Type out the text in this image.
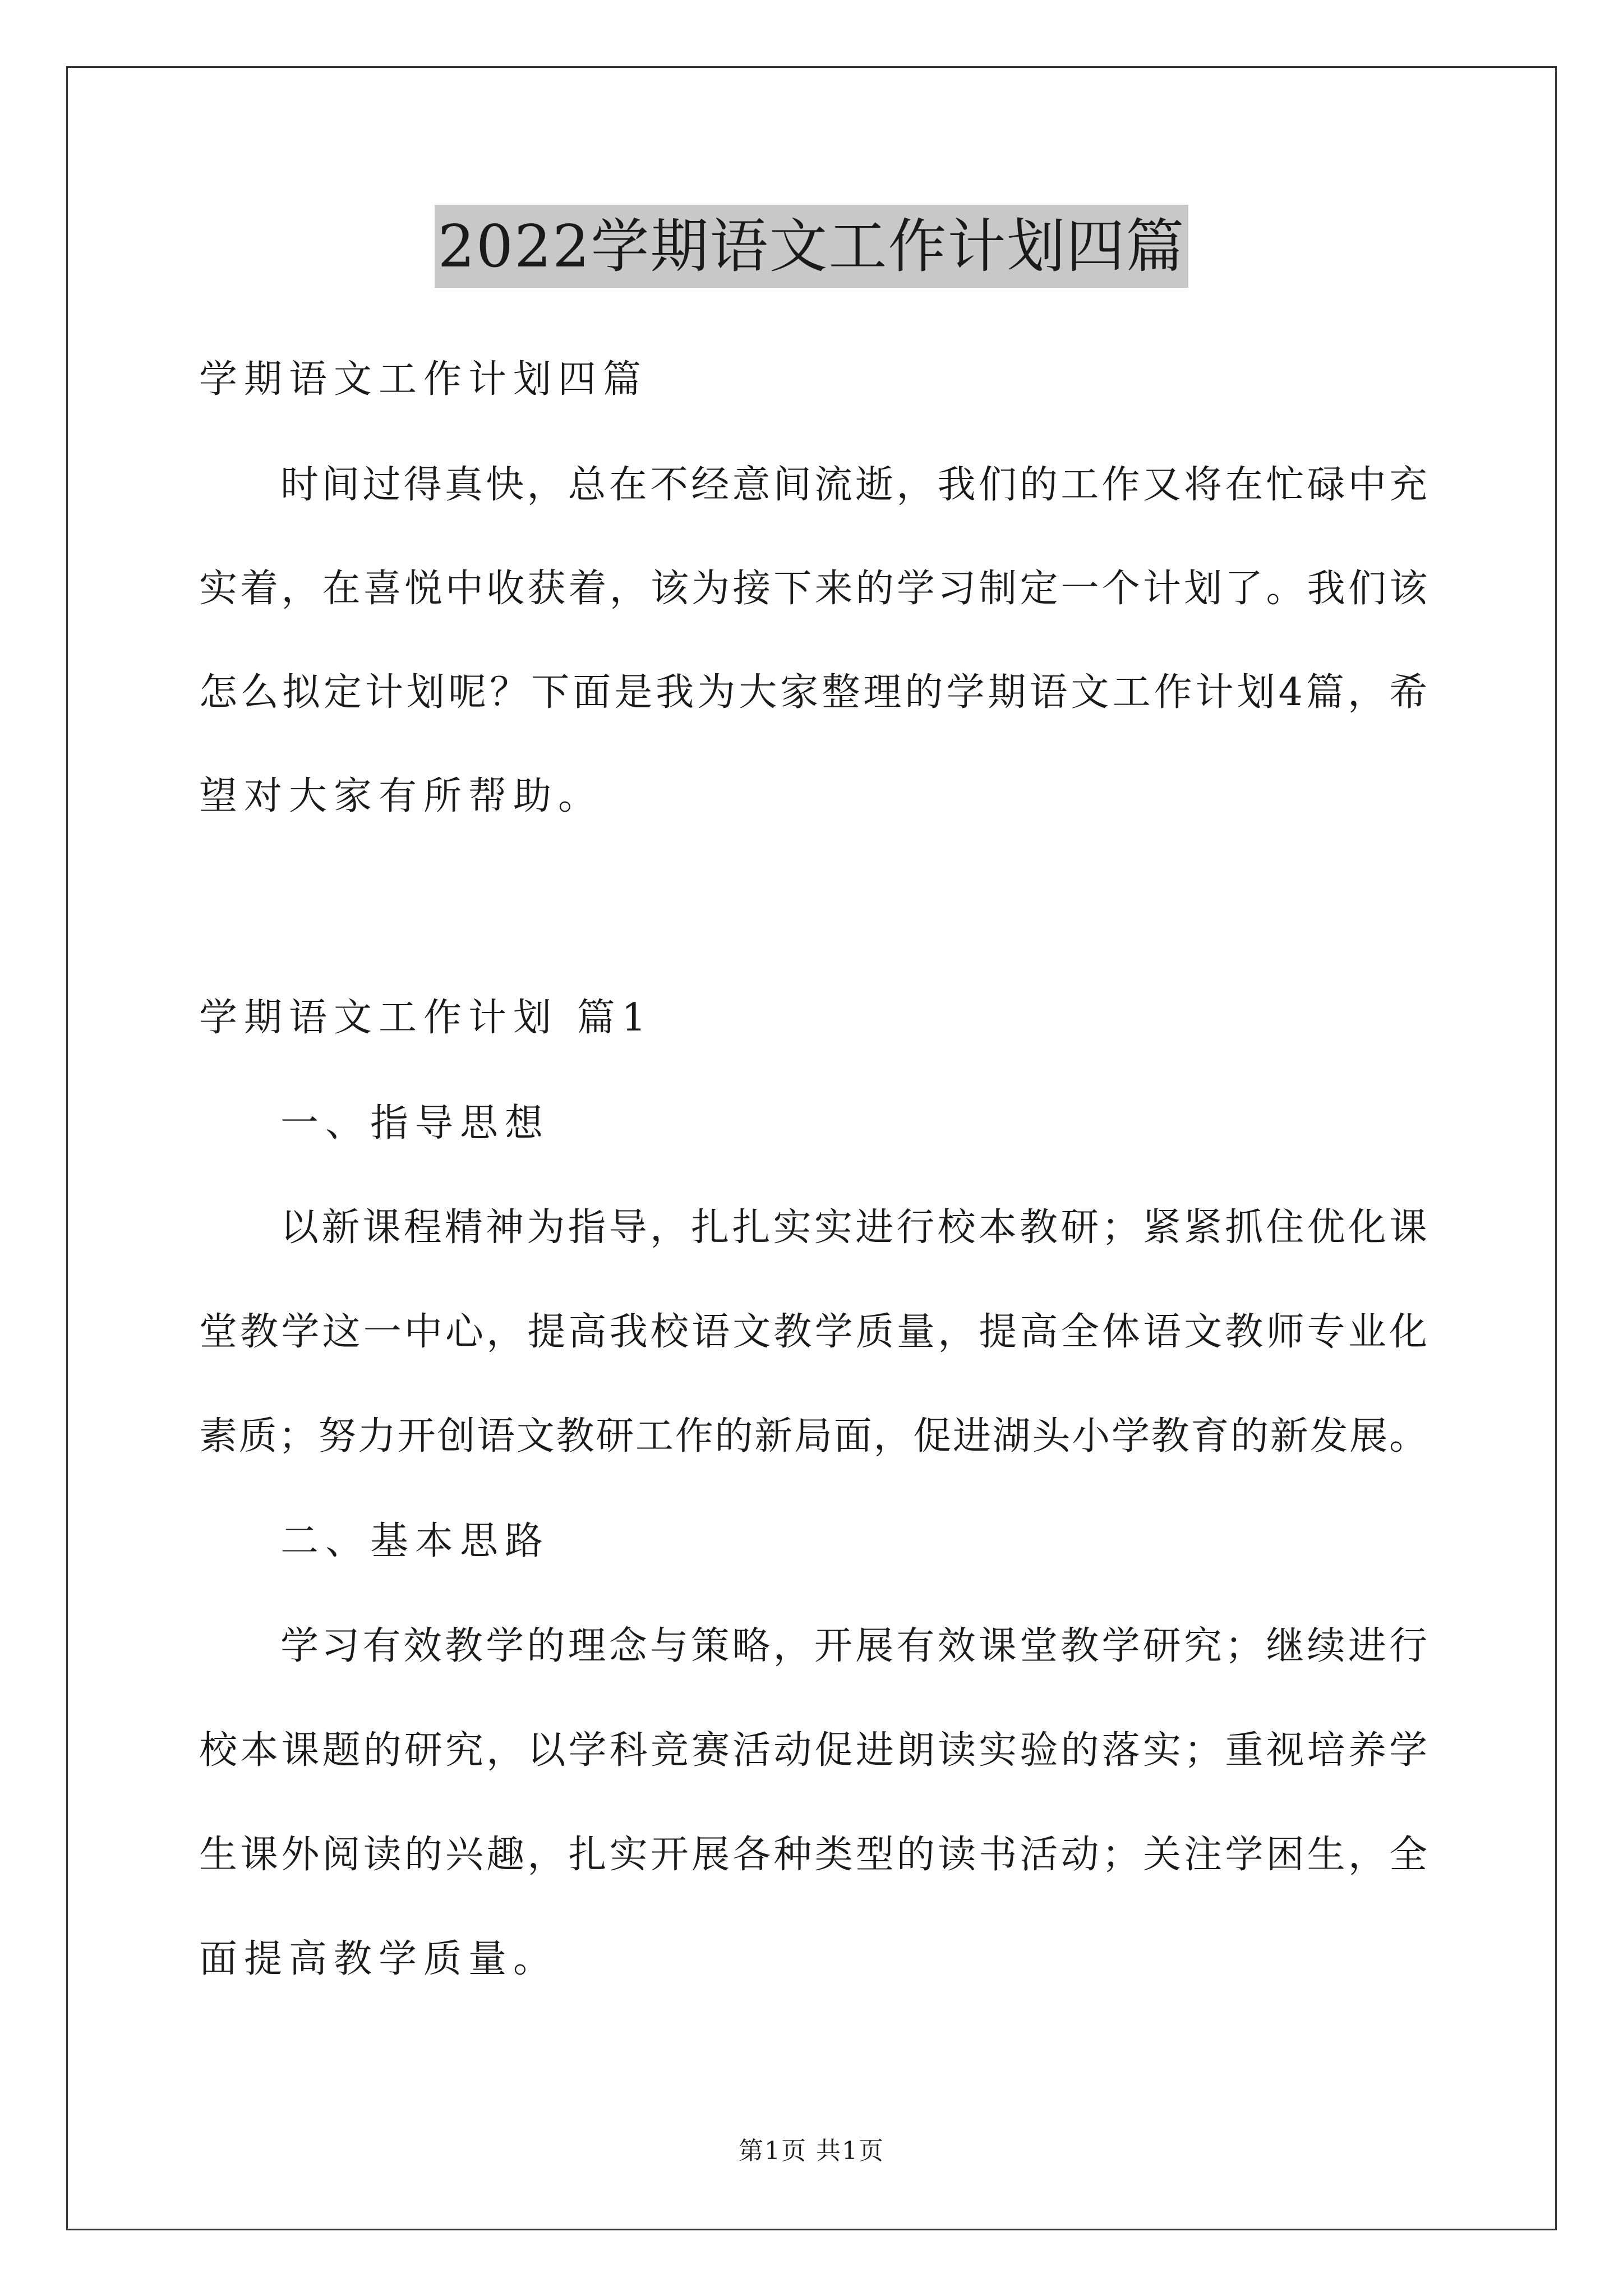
2022学期语文工作计划四篇
学期语文工作计划四篇
时间过得真快，总在不经意间流逝，我们的工作又将在忙碌中充
实着，在喜悦中收获着，该为接下来的学习制定一个计划了。我们该
怎么拟定计划呢？下面是我为大家整理的学期语文工作计划4篇，希
望对大家有所帮助。
学期语文工作计划 篇1
一、指导思想
以新课程精神为指导，扎扎实实进行校本教研；紧紧抓住优化课
堂教学这一中心，提高我校语文教学质量，提高全体语文教师专业化
素质；努力开创语文教研工作的新局面，促进湖头小学教育的新发展。
二、基本思路
学习有效教学的理念与策略，开展有效课堂教学研究；继续进行
校本课题的研究，以学科竞赛活动促进朗读实验的落实；重视培养学
生课外阅读的兴趣，扎实开展各种类型的读书活动；关注学困生，全
面提高教学质量。
第1页 共1页
